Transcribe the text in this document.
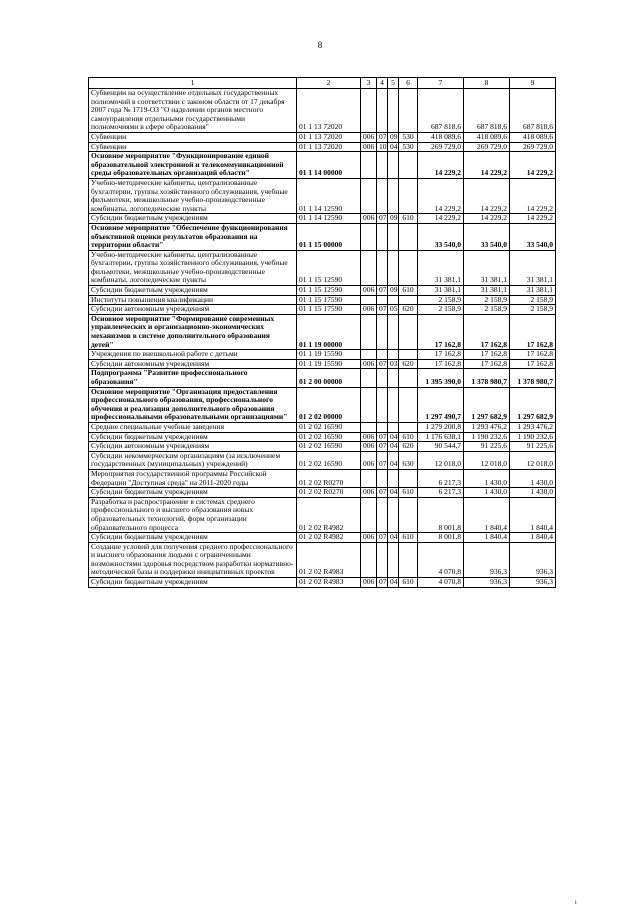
8
1	2	3	4	5	6	7	8	9
Субвенции на осуществление отдельных государственных полномочий в соответствии с законом области от 17 декабря 2007 года № 1719-ОЗ "О наделении органов местного самоуправления отдельными государственными полномочиями в сфере образования"	01 1 13 72020					687 818,6	687 818,6	687 818,6
Субвенции	01 1 13 72020	006	07	09	530	418 089,6	418 089,6	418 089,6
Субвенции	01 1 13 72020	006	10	04	530	269 729,0	269 729,0	269 729,0
Основное мероприятие "Функционирование единой образовательной электронной и телекоммуникационной среды образовательных организаций области"	01 1 14 00000					14 229,2	14 229,2	14 229,2
Учебно-методические кабинеты, централизованные бухгалтерии, группы хозяйственного обслуживания, учебные фильмотеки, межшкольные учебно-производственные комбинаты, логопедические пункты	01 1 14 12590					14 229,2	14 229,2	14 229,2
Субсидии бюджетным учреждениям	01 1 14 12590	006	07	09	610	14 229,2	14 229,2	14 229,2
Основное мероприятие "Обеспечение функционирования объективной оценки результатов образования на территории области"	01 1 15 00000					33 540,0	33 540,0	33 540,0
Учебно-методические кабинеты, централизованные бухгалтерии, группы хозяйственного обслуживания, учебные фильмотеки, межшкольные учебно-производственные комбинаты, логопедические пункты	01 1 15 12590					31 381,1	31 381,1	31 381,1
Субсидии бюджетным учреждениям	01 1 15 12590	006	07	09	610	31 381,1	31 381,1	31 381,1
Институты повышения квалификации	01 1 15 17590					2 158,9	2 158,9	2 158,9
Субсидии автономным учреждениям	01 1 15 17590	006	07	05	620	2 158,9	2 158,9	2 158,9
Основное мероприятие "Формирование современных управленческих и организационно-экономических механизмов в системе дополнительного образования детей"	01 1 19 00000					17 162,8	17 162,8	17 162,8
Учреждения по внешкольной работе с детьми	01 1 19 15590					17 162,8	17 162,8	17 162,8
Субсидии автономным учреждениям	01 1 19 15590	006	07	03	620	17 162,8	17 162,8	17 162,8
Подпрограмма "Развитие профессионального образования"	01 2 00 00000					1 395 390,0	1 378 980,7	1 378 980,7
Основное мероприятие "Организация предоставления профессионального образования, профессионального обучения и реализация дополнительного образования профессиональными образовательными организациями"	01 2 02 00000					1 297 490,7	1 297 682,9	1 297 682,9
Средние специальные учебные заведения	01 2 02 16590					1 279 200,8	1 293 476,2	1 293 476,2
Субсидии бюджетным учреждениям	01 2 02 16590	006	07	04	610	1 176 638,1	1 190 232,6	1 190 232,6
Субсидии автономным учреждениям	01 2 02 16590	006	07	04	620	90 544,7	91 225,6	91 225,6
Субсидии некоммерческим организациям (за исключением государственных (муниципальных) учреждений)	01 2 02 16590	006	07	04	630	12 018,0	12 018,0	12 018,0
Мероприятия государственной программы Российской Федерации "Доступная среда" на 2011-2020 годы	01 2 02 R0270					6 217,3	1 430,0	1 430,0
Субсидии бюджетным учреждениям	01 2 02 R0270	006	07	04	610	6 217,3	1 430,0	1 430,0
Разработка и распространение в системах среднего профессионального и высшего образования новых образовательных технологий, форм организации образовательного процесса	01 2 02 R4982					8 001,8	1 840,4	1 840,4
Субсидии бюджетным учреждениям	01 2 02 R4982	006	07	04	610	8 001,8	1 840,4	1 840,4
Создание условий для получения среднего профессионального и высшего образования людьми с ограниченными возможностями здоровья посредством разработки нормативно-методической базы и поддержки инициативных проектов	01 2 02 R4983					4 070,8	936,3	936,3
Субсидии бюджетным учреждениям	01 2 02 R4983	006	07	04	610	4 070,8	936,3	936,3
i
